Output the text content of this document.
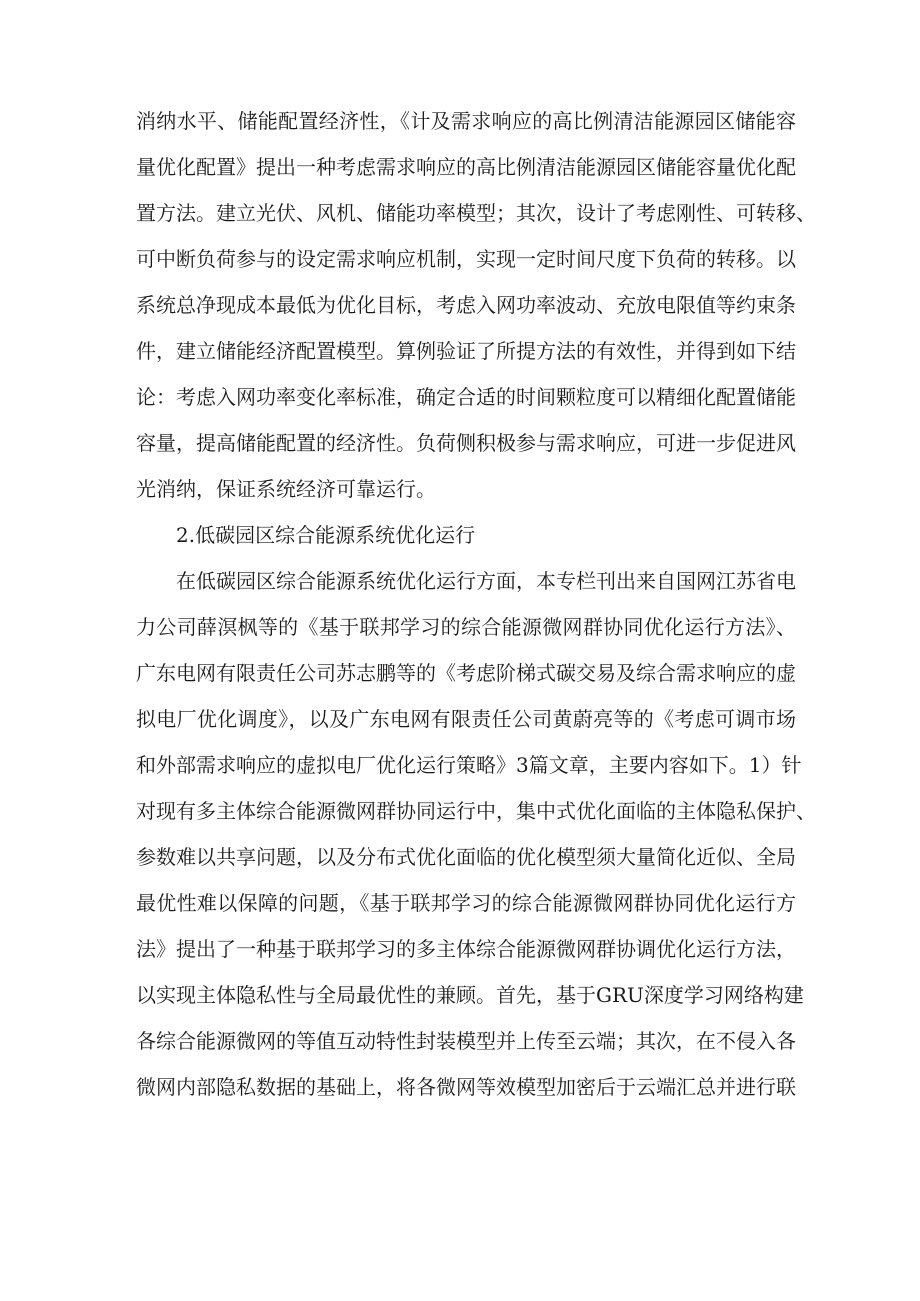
消纳水平、储能配置经济性，《计及需求响应的高比例清洁能源园区储能容
量优化配置》提出一种考虑需求响应的高比例清洁能源园区储能容量优化配
置方法。建立光伏、风机、储能功率模型；其次，设计了考虑刚性、可转移、
可中断负荷参与的设定需求响应机制，实现一定时间尺度下负荷的转移。以
系统总净现成本最低为优化目标，考虑入网功率波动、充放电限值等约束条
件，建立储能经济配置模型。算例验证了所提方法的有效性，并得到如下结
论：考虑入网功率变化率标准，确定合适的时间颗粒度可以精细化配置储能
容量，提高储能配置的经济性。负荷侧积极参与需求响应，可进一步促进风
光消纳，保证系统经济可靠运行。
2.低碳园区综合能源系统优化运行
在低碳园区综合能源系统优化运行方面，本专栏刊出来自国网江苏省电
力公司薛溟枫等的《基于联邦学习的综合能源微网群协同优化运行方法》、
广东电网有限责任公司苏志鹏等的《考虑阶梯式碳交易及综合需求响应的虚
拟电厂优化调度》，以及广东电网有限责任公司黄蔚亮等的《考虑可调市场
和外部需求响应的虚拟电厂优化运行策略》3篇文章，主要内容如下。1）针
对现有多主体综合能源微网群协同运行中，集中式优化面临的主体隐私保护、
参数难以共享问题，以及分布式优化面临的优化模型须大量简化近似、全局
最优性难以保障的问题，《基于联邦学习的综合能源微网群协同优化运行方
法》提出了一种基于联邦学习的多主体综合能源微网群协调优化运行方法，
以实现主体隐私性与全局最优性的兼顾。首先，基于GRU深度学习网络构建
各综合能源微网的等值互动特性封装模型并上传至云端；其次，在不侵入各
微网内部隐私数据的基础上，将各微网等效模型加密后于云端汇总并进行联
